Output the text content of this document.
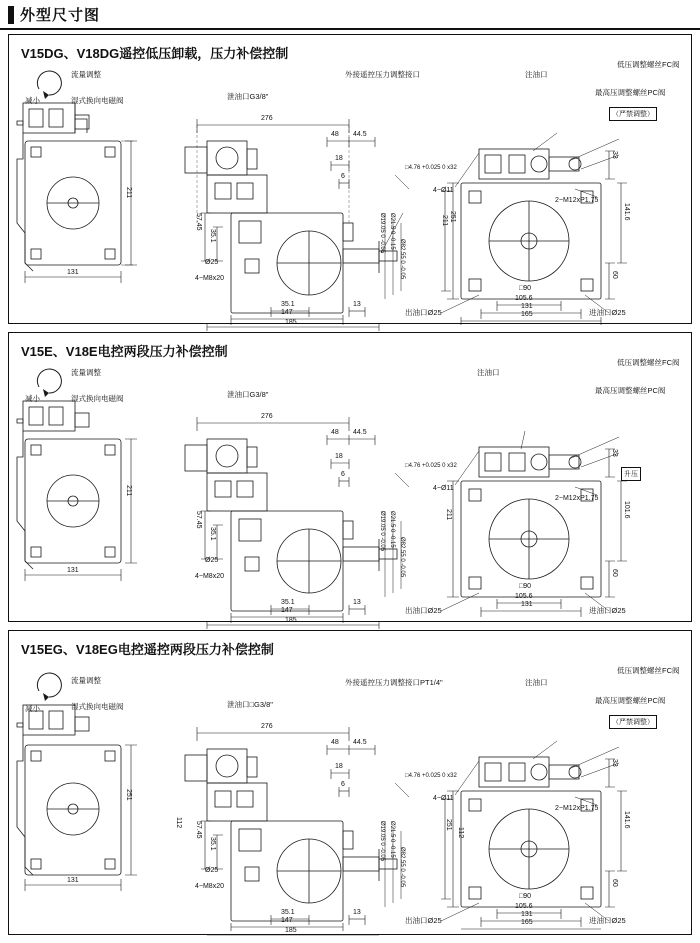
外型尺寸图
V15DG、V18DG遥控低压卸载，压力补偿控制
减小
流量调整
湿式换向电磁阀	泄油口G3/8"
外接遥控压力调整接口	注油口
低压调整螺丝FC阀
最高压调整螺丝PC阀
（严禁调整）
出油口Ø25	进油口Ø25
4−M8x20
Ø25
4−Ø11
2−M12xP1.75
□4.76 +0.025 0 x32
276
48 44.5
18
6
57.45
35.1
35.1	13
147
185
131
211
211 251
33
141.6
60
105.6
131
165
□90
Ø19.05 0 -0.05 Ø21.5 0 -0.15
Ø82.55 0 -0.05
V15E、V18E电控两段压力补偿控制
减小
流量调整
湿式换向电磁阀	泄油口G3/8"
注油口
低压调整螺丝FC阀
最高压调整螺丝PC阀
升压
出油口Ø25	进油口Ø25
4−M8x20
Ø25
4−Ø11
2−M12xP1.75
□4.76 +0.025 0 x32
276
48 44.5
18
6
57.45
35.1
35.1	13
147
185
131
211
211
33
101.6
60
105.6
131
□90
Ø19.05 0 -0.05 Ø21.5 0 -0.15
Ø82.55 0 -0.05
V15EG、V18EG电控遥控两段压力补偿控制
减小
流量调整
湿式换向电磁阀	泄油口□G3/8"
外接遥控压力调整接口PT1/4"	注油口
低压调整螺丝FC阀
最高压调整螺丝PC阀
（严禁调整）
出油口Ø25	进油口Ø25
4−M8x20
Ø25
4−Ø11
2−M12xP1.75
□4.76 +0.025 0 x32
276
48 44.5
18
6
57.45
35.1
35.1	13
147
185
112
112
131
251
251
33
141.6
60
105.6
131
165
□90
Ø19.05 0 -0.05 Ø21.5 0 -0.15
Ø82.55 0 -0.05
